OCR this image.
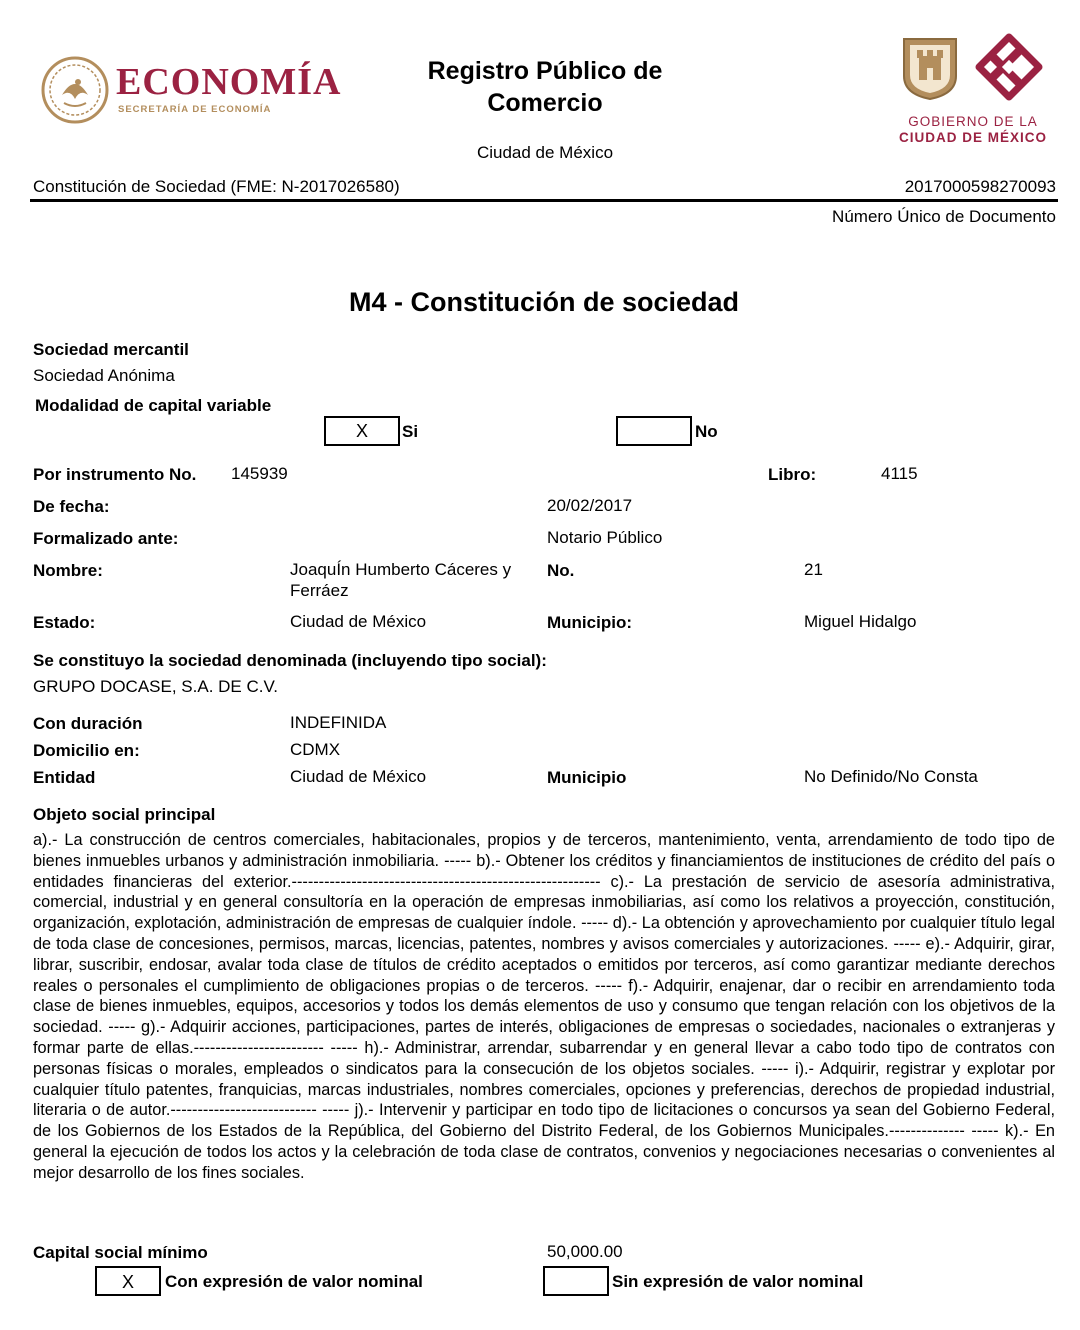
ECONOMÍA
SECRETARÍA DE ECONOMÍA
Registro Público de
Comercio
Ciudad de México
GOBIERNO DE LA
CIUDAD DE MÉXICO
Constitución de Sociedad (FME: N-2017026580)	2017000598270093
Número Único de Documento
M4 - Constitución de sociedad
Sociedad mercantil
Sociedad Anónima
Modalidad de capital variable
X	Si	No
Por instrumento No. 145939	Libro:	4115
De fecha:	20/02/2017
Formalizado ante:	Notario Público
Nombre:	JoaquÍn Humberto Cáceres y
Ferráez
No.	21
Estado:	Ciudad de México	Municipio:	Miguel Hidalgo
Se constituyo la sociedad denominada (incluyendo tipo social):
GRUPO DOCASE, S.A. DE C.V.
Con duración	INDEFINIDA
Domicilio en:	CDMX
Entidad	Ciudad de México	Municipio	No Definido/No Consta
Objeto social principal
a).- La construcción de centros comerciales, habitacionales, propios y de terceros, mantenimiento, venta, arrendamiento de todo tipo de bienes inmuebles urbanos y administración inmobiliaria. ----- b).- Obtener los créditos y financiamientos de instituciones de crédito del país o entidades financieras del exterior.--------------------------------------------------------- c).- La prestación de servicio de asesoría administrativa, comercial, industrial y en general consultoría en la operación de empresas inmobiliarias, así como los relativos a proyección, constitución, organización, explotación, administración de empresas de cualquier índole. ----- d).- La obtención y aprovechamiento por cualquier título legal de toda clase de concesiones, permisos, marcas, licencias, patentes, nombres y avisos comerciales y autorizaciones. ----- e).- Adquirir, girar, librar, suscribir, endosar, avalar toda clase de títulos de crédito aceptados o emitidos por terceros, así como garantizar mediante derechos reales o personales el cumplimiento de obligaciones propias o de terceros. ----- f).- Adquirir, enajenar, dar o recibir en arrendamiento toda clase de bienes inmuebles, equipos, accesorios y todos los demás elementos de uso y consumo que tengan relación con los objetivos de la sociedad. ----- g).- Adquirir acciones, participaciones, partes de interés, obligaciones de empresas o sociedades, nacionales o extranjeras y formar parte de ellas.------------------------ ----- h).- Administrar, arrendar, subarrendar y en general llevar a cabo todo tipo de contratos con personas físicas o morales, empleados o sindicatos para la consecución de los objetos sociales. ----- i).- Adquirir, registrar y explotar por cualquier título patentes, franquicias, marcas industriales, nombres comerciales, opciones y preferencias, derechos de propiedad industrial, literaria o de autor.--------------------------- ----- j).- Intervenir y participar en todo tipo de licitaciones o concursos ya sean del Gobierno Federal, de los Gobiernos de los Estados de la República, del Gobierno del Distrito Federal, de los Gobiernos Municipales.-------------- ----- k).- En general la ejecución de todos los actos y la celebración de toda clase de contratos, convenios y negociaciones necesarias o convenientes al mejor desarrollo de los fines sociales.
Capital social mínimo	50,000.00
X	Con expresión de valor nominal	Sin expresión de valor nominal
